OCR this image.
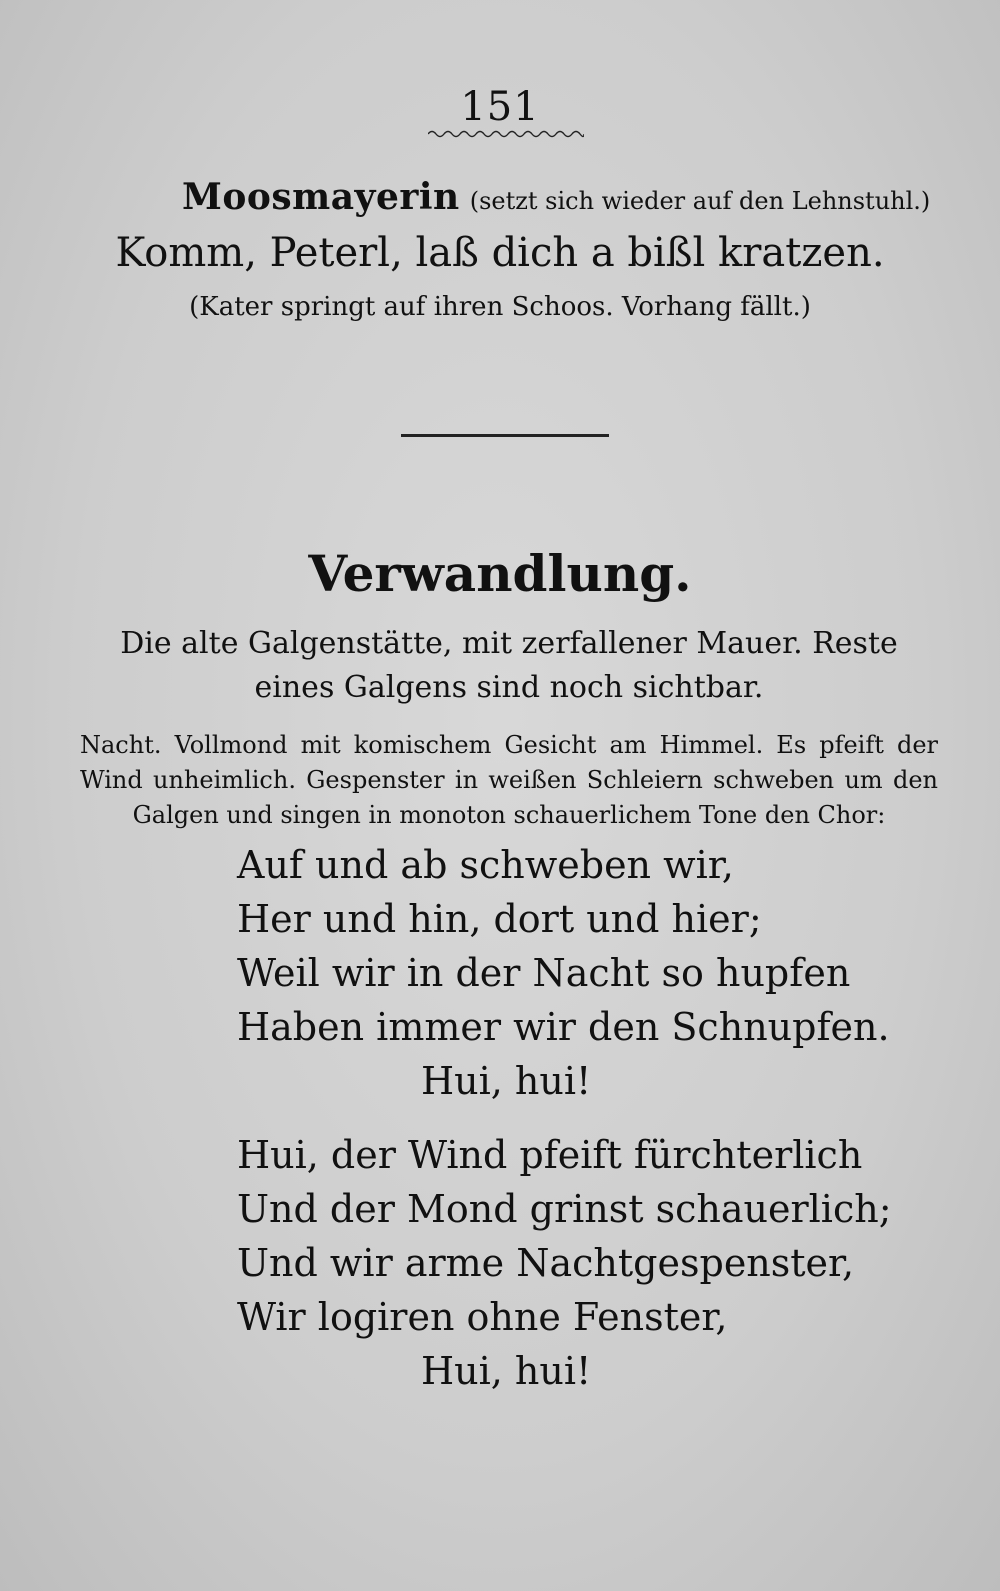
151
Moosmayerin (setzt sich wieder auf den Lehnstuhl.)
Komm, Peterl, laß dich a bißl kratzen.
(Kater springt auf ihren Schoos. Vorhang fällt.)
Verwandlung.
Die alte Galgenstätte, mit zerfallener Mauer. Reste eines Galgens sind noch sichtbar.
Nacht. Vollmond mit komischem Gesicht am Himmel. Es pfeift der Wind unheimlich. Gespenster in weißen Schleiern schweben um den Galgen und singen in monoton schauerlichem Tone den Chor:
Auf und ab schweben wir,
Her und hin, dort und hier;
Weil wir in der Nacht so hupfen
Haben immer wir den Schnupfen.
Hui, hui!
Hui, der Wind pfeift fürchterlich
Und der Mond grinst schauerlich;
Und wir arme Nachtgespenster,
Wir logiren ohne Fenster,
Hui, hui!
